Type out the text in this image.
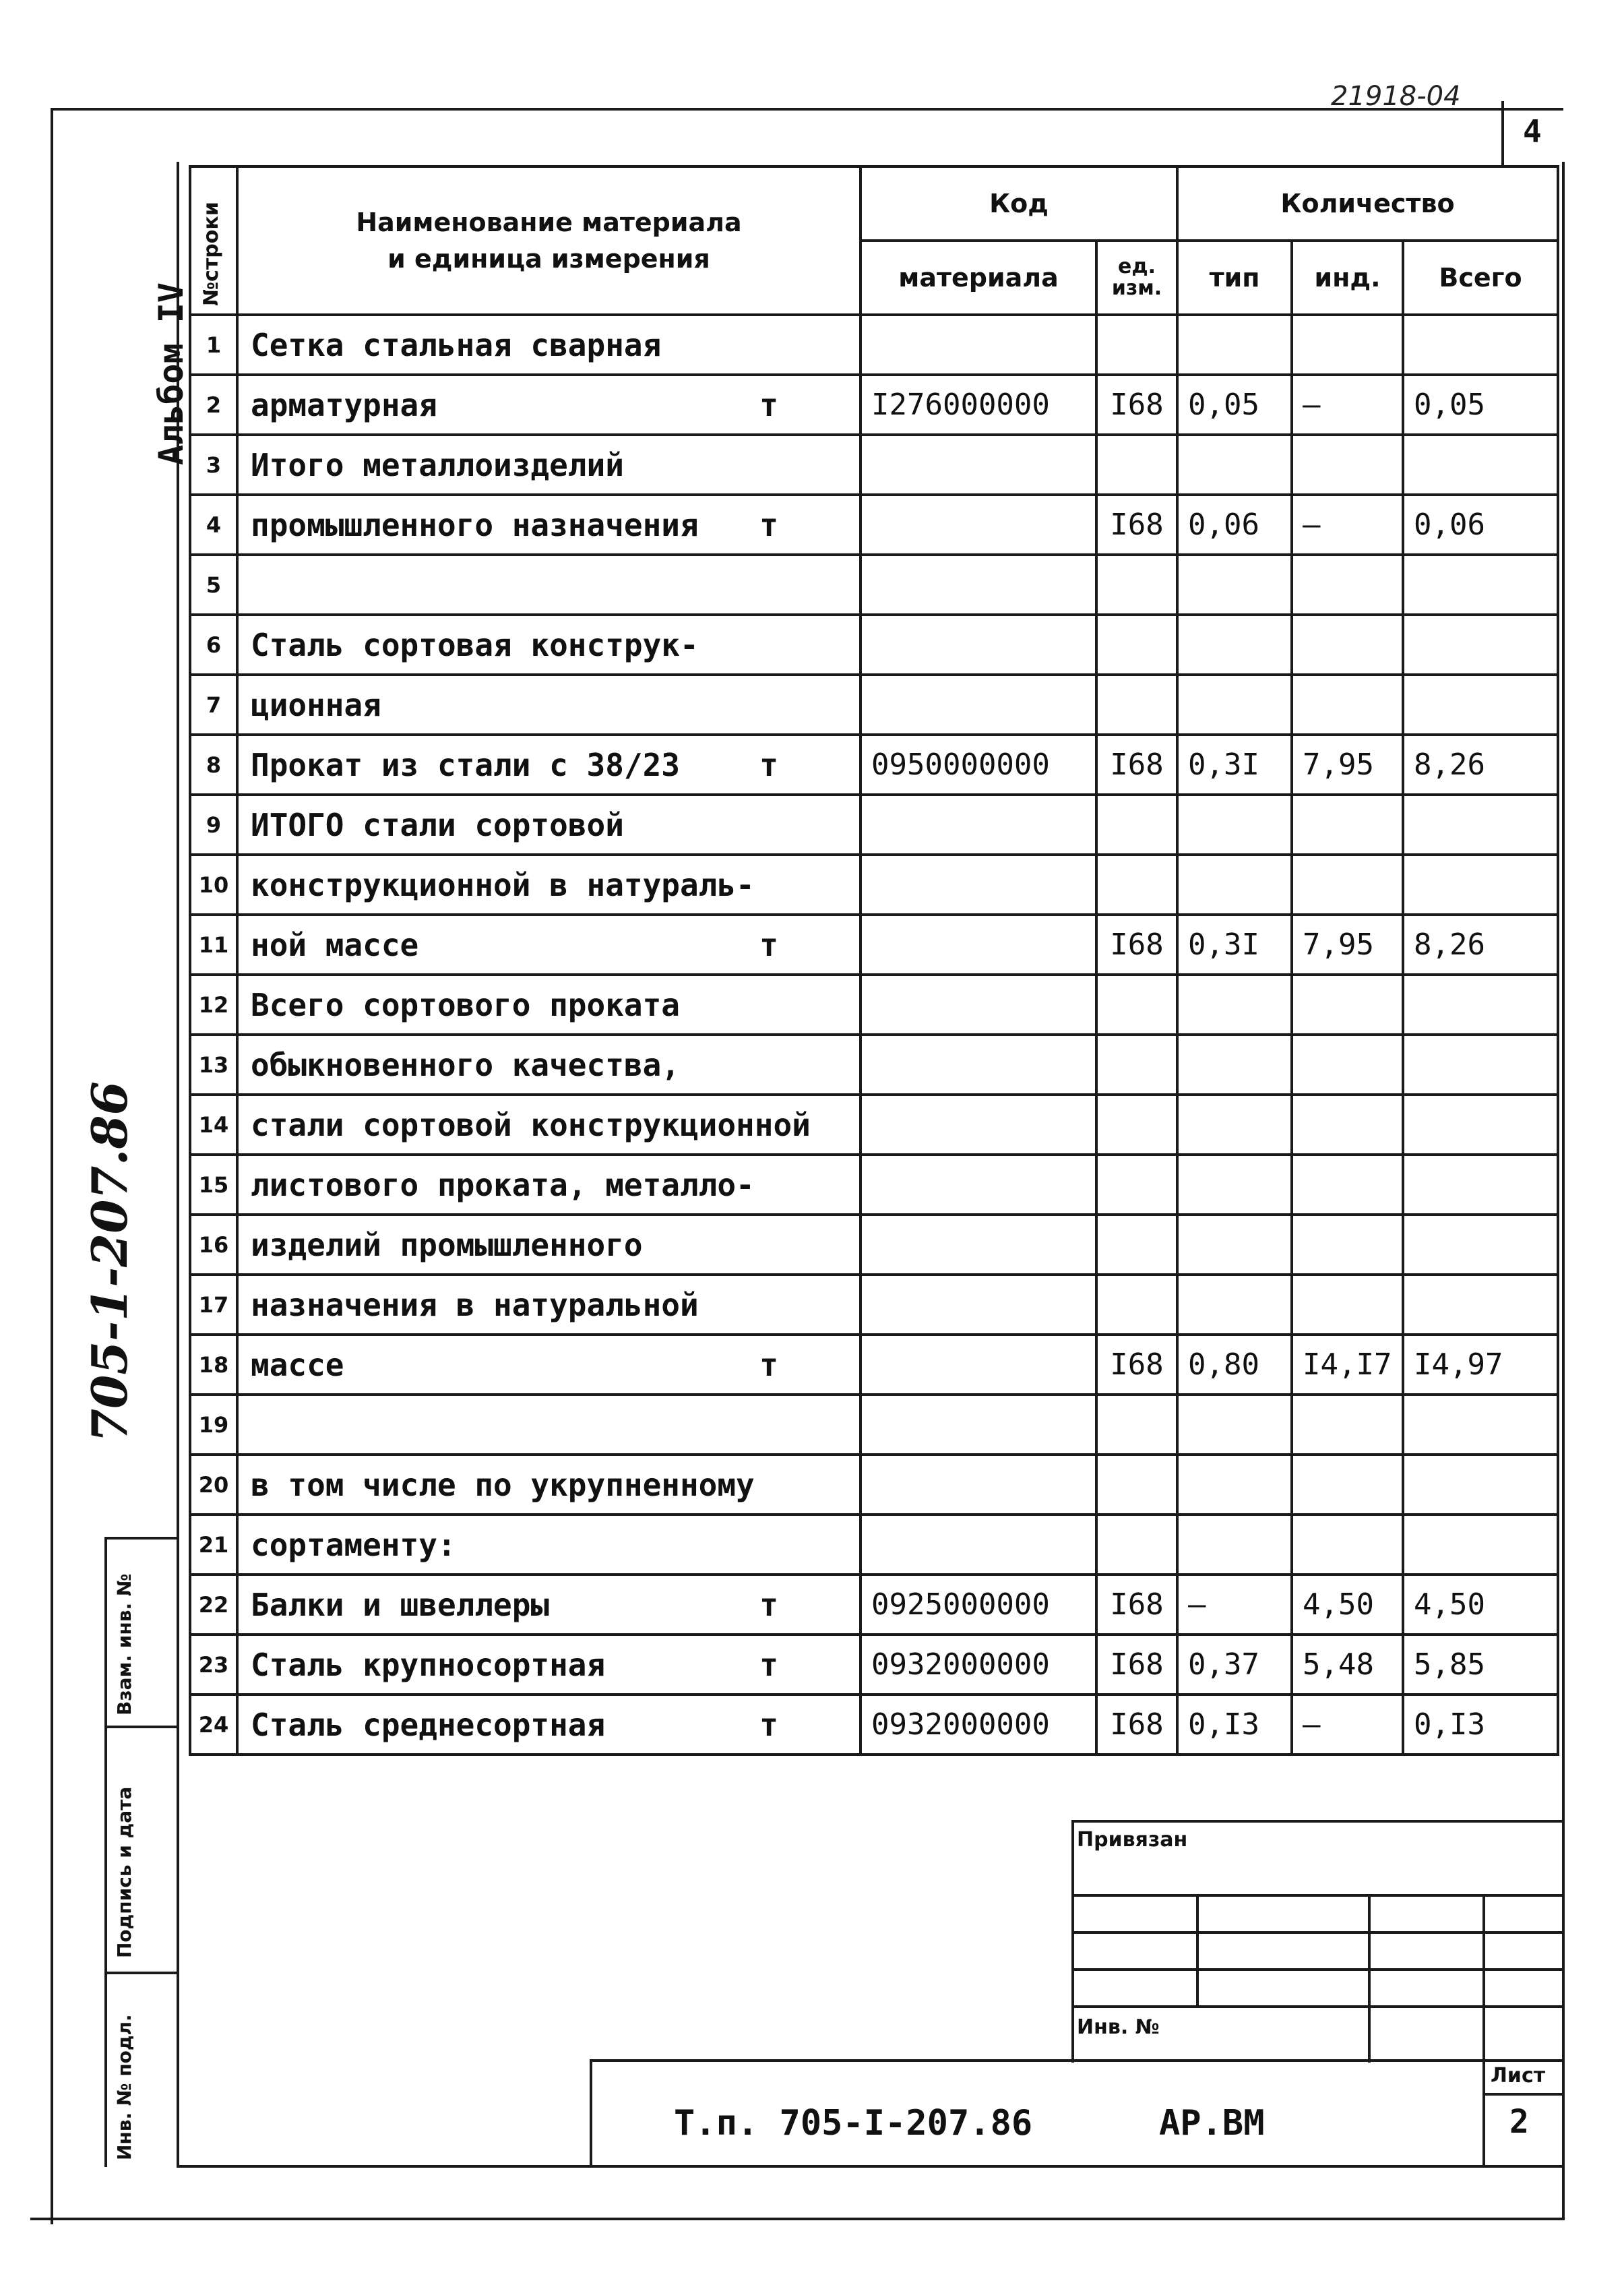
21918-04
4
Альбом IV
705-1-207.86
Взам. инв. №
Подпись и дата
Инв. № подл.
№строки	Наименование материала
и единица измерения	Код		Количество		
		материала	ед. изм.	тип	инд.	Всего
1	Сетка стальная сварная

2	арматурная т	I276000000	I68	0,05	–	0,05
3	Итого металлоизделий

4	промышленного назначения т		I68	0,06	–	0,06
5	

6	Сталь сортовая конструк-

7	ционная

8	Прокат из стали с 38/23 т	0950000000	I68	0,3I	7,95	8,26
9	ИТОГО стали сортовой

10	конструкционной в натураль-

11	ной массе т		I68	0,3I	7,95	8,26
12	Всего сортового проката

13	обыкновенного качества,

14	стали сортовой конструкционной

15	листового проката, металло-

16	изделий промышленного

17	назначения в натуральной

18	массе т		I68	0,80	I4,I7	I4,97
19	

20	в том числе по укрупненному

21	сортаменту:

22	Балки и швеллеры т	0925000000	I68	–	4,50	4,50
23	Сталь крупносортная т	0932000000	I68	0,37	5,48	5,85
24	Сталь среднесортная т	0932000000	I68	0,I3	–	0,I3
Привязан
Инв. №
Лист
2
Т.п. 705-I-207.86	АР.ВМ
